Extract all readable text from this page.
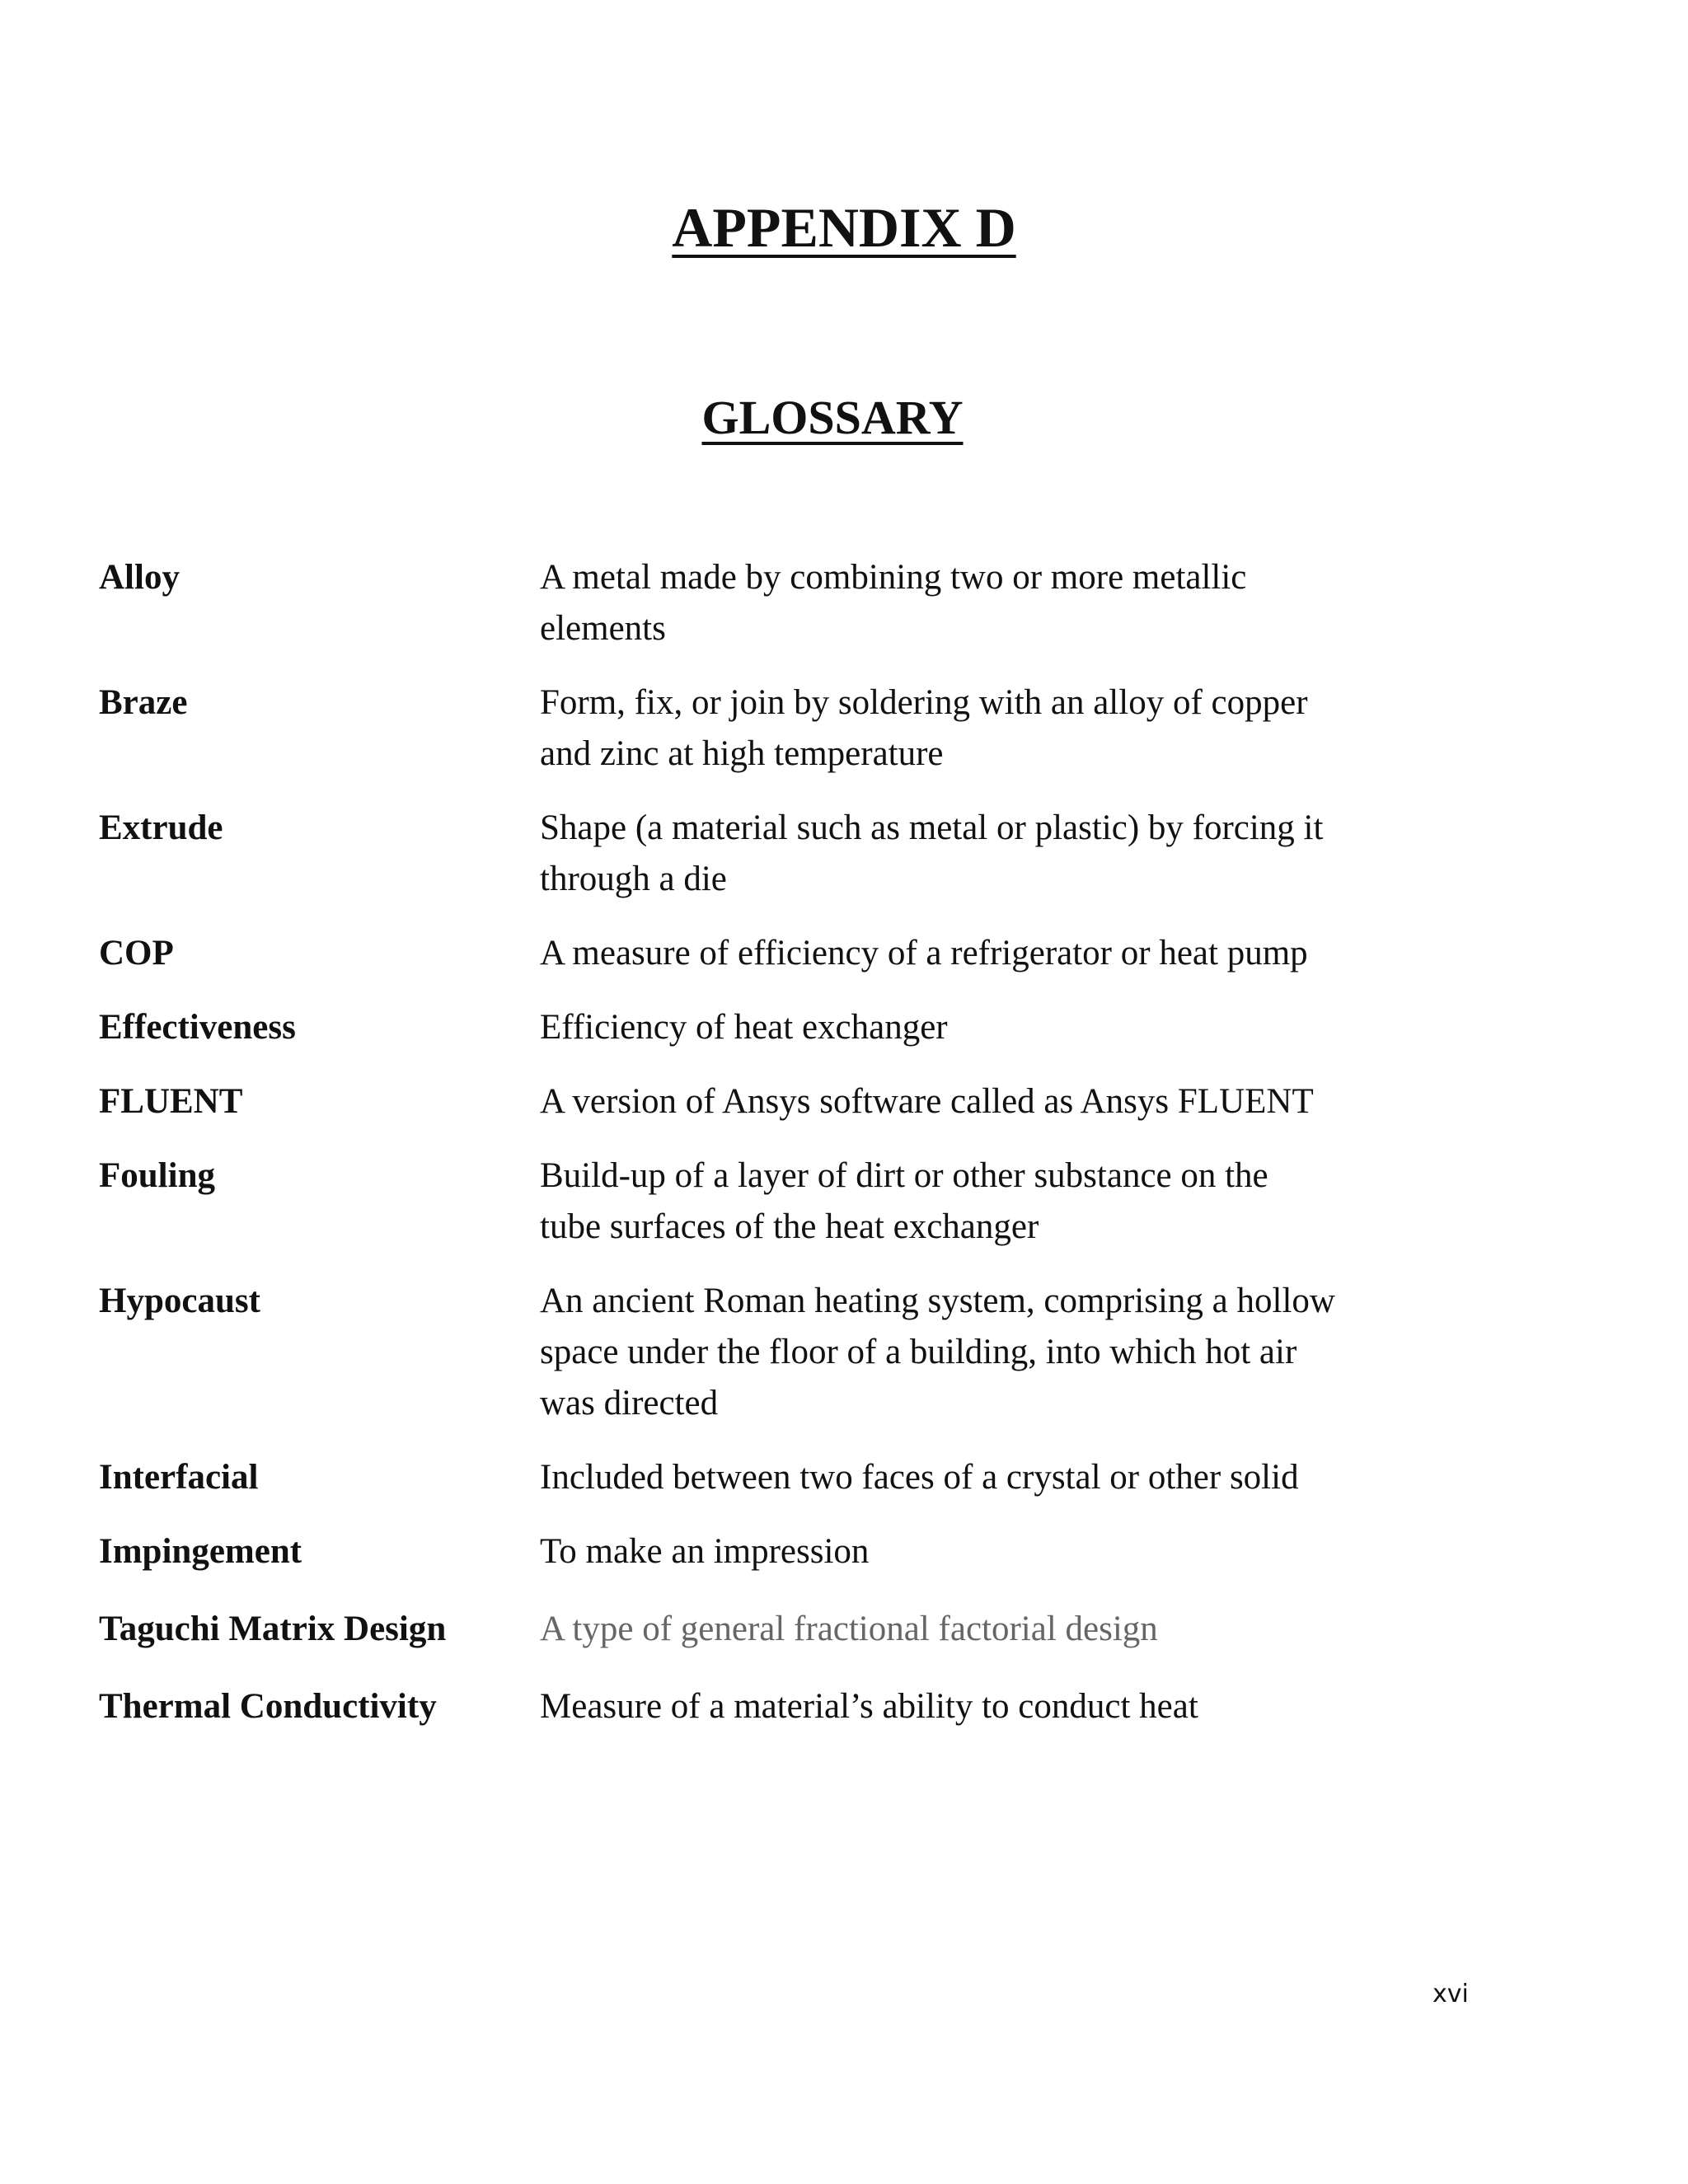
APPENDIX D
GLOSSARY
Alloy	A metal made by combining two or more metallic elements
Braze	Form, fix, or join by soldering with an alloy of copper and zinc at high temperature
Extrude	Shape (a material such as metal or plastic) by forcing it through a die
COP	A measure of efficiency of a refrigerator or heat pump
Effectiveness	Efficiency of heat exchanger
FLUENT	A version of Ansys software called as Ansys FLUENT
Fouling	Build-up of a layer of dirt or other substance on the tube surfaces of the heat exchanger
Hypocaust	An ancient Roman heating system, comprising a hollow space under the floor of a building, into which hot air was directed
Interfacial	Included between two faces of a crystal or other solid
Impingement	To make an impression
Taguchi Matrix Design	A type of general fractional factorial design
Thermal Conductivity	Measure of a material’s ability to conduct heat
xvi
